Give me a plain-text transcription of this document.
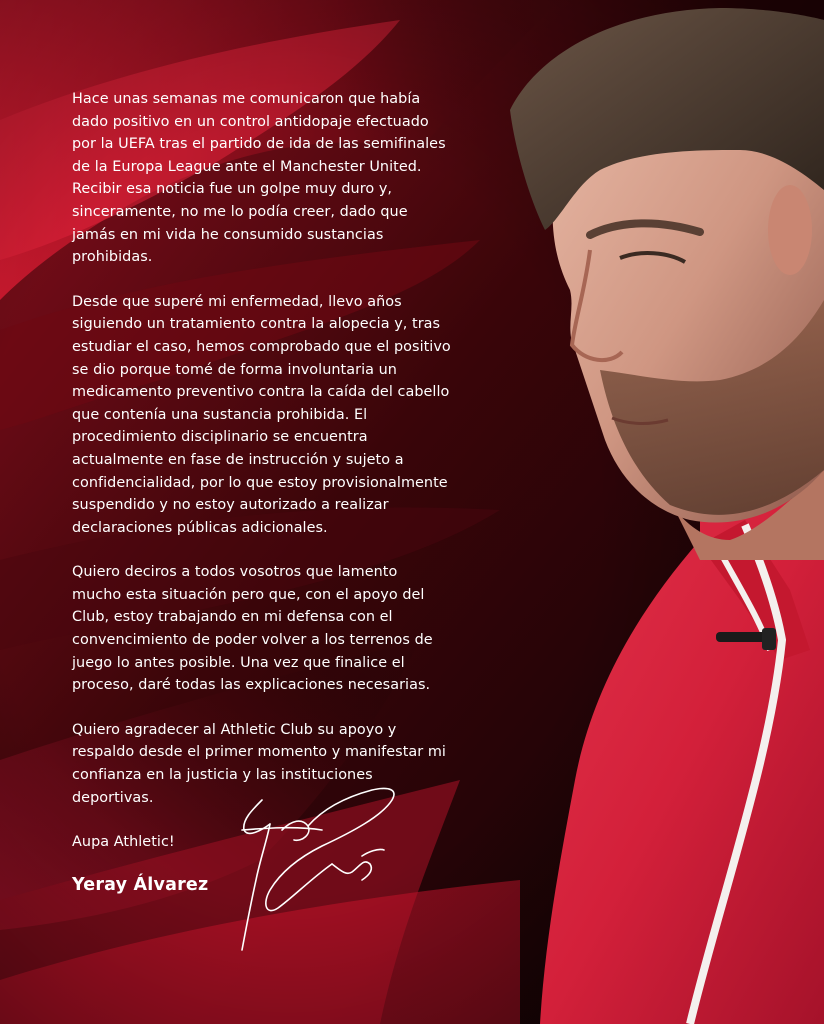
Hace unas semanas me comunicaron que había
dado positivo en un control antidopaje efectuado
por la UEFA tras el partido de ida de las semifinales
de la Europa League ante el Manchester United.
Recibir esa noticia fue un golpe muy duro y,
sinceramente, no me lo podía creer, dado que
jamás en mi vida he consumido sustancias
prohibidas.

Desde que superé mi enfermedad, llevo años
siguiendo un tratamiento contra la alopecia y, tras
estudiar el caso, hemos comprobado que el positivo
se dio porque tomé de forma involuntaria un
medicamento preventivo contra la caída del cabello
que contenía una sustancia prohibida. El
procedimiento disciplinario se encuentra
actualmente en fase de instrucción y sujeto a
confidencialidad, por lo que estoy provisionalmente
suspendido y no estoy autorizado a realizar
declaraciones públicas adicionales.

Quiero deciros a todos vosotros que lamento
mucho esta situación pero que, con el apoyo del
Club, estoy trabajando en mi defensa con el
convencimiento de poder volver a los terrenos de
juego lo antes posible. Una vez que finalice el
proceso, daré todas las explicaciones necesarias.

Quiero agradecer al Athletic Club su apoyo y
respaldo desde el primer momento y manifestar mi
confianza en la justicia y las instituciones
deportivas.

Aupa Athletic!
Yeray Álvarez
